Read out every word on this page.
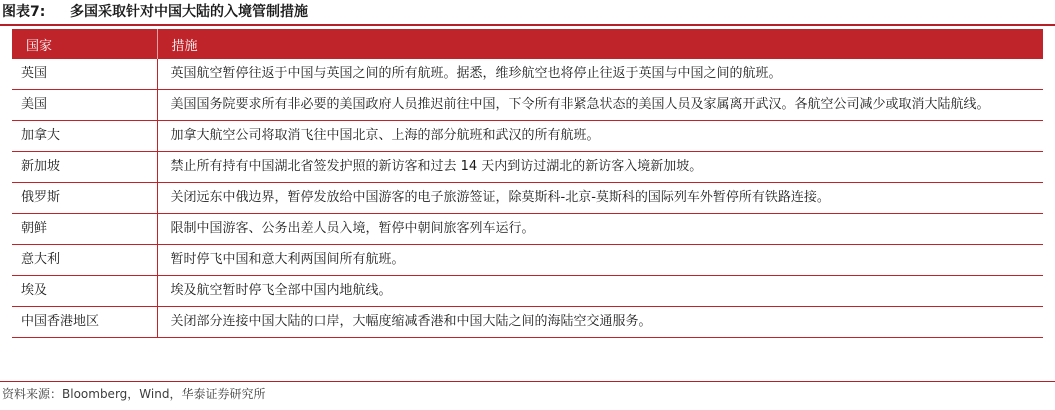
图表7: 多国采取针对中国大陆的入境管制措施
国家	措施
英国	英国航空暂停往返于中国与英国之间的所有航班。据悉，维珍航空也将停止往返于英国与中国之间的航班。
美国	美国国务院要求所有非必要的美国政府人员推迟前往中国，下令所有非紧急状态的美国人员及家属离开武汉。各航空公司减少或取消大陆航线。
加拿大	加拿大航空公司将取消飞往中国北京、上海的部分航班和武汉的所有航班。
新加坡	禁止所有持有中国湖北省签发护照的新访客和过去 14 天内到访过湖北的新访客入境新加坡。
俄罗斯	关闭远东中俄边界，暂停发放给中国游客的电子旅游签证，除莫斯科-北京-莫斯科的国际列车外暂停所有铁路连接。
朝鲜	限制中国游客、公务出差人员入境，暂停中朝间旅客列车运行。
意大利	暂时停飞中国和意大利两国间所有航班。
埃及	埃及航空暂时停飞全部中国内地航线。
中国香港地区	关闭部分连接中国大陆的口岸，大幅度缩减香港和中国大陆之间的海陆空交通服务。
资料来源：Bloomberg，Wind，华泰证券研究所
